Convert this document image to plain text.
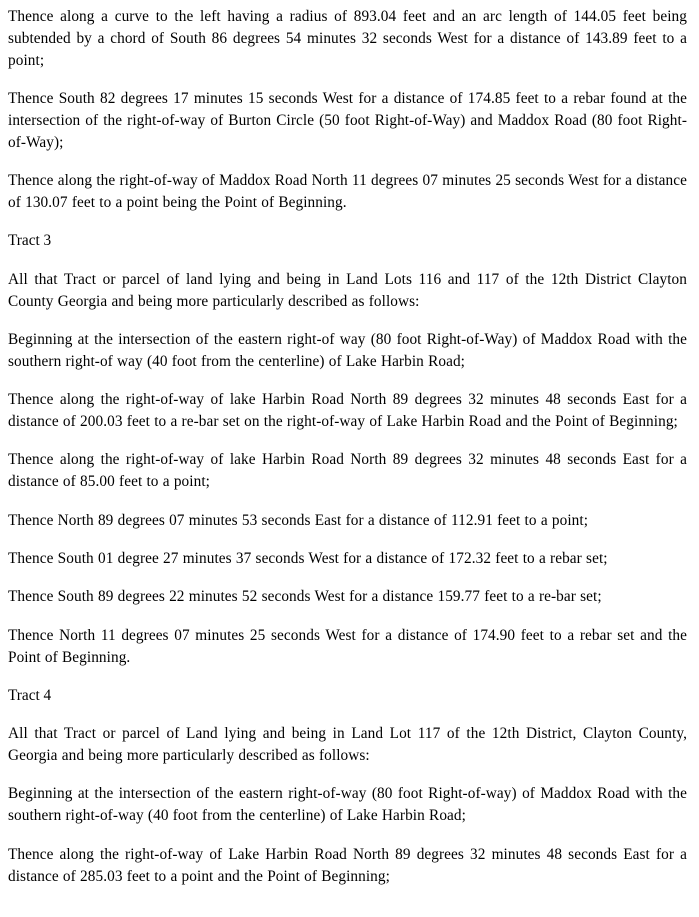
Thence along a curve to the left having a radius of 893.04 feet and an arc length of 144.05 feet being subtended by a chord of South 86 degrees 54 minutes 32 seconds West for a distance of 143.89 feet to a point;

Thence South 82 degrees 17 minutes 15 seconds West for a distance of 174.85 feet to a rebar found at the intersection of the right-of-way of Burton Circle (50 foot Right-of-Way) and Maddox Road (80 foot Right-of-Way);

Thence along the right-of-way of Maddox Road North 11 degrees 07 minutes 25 seconds West for a distance of 130.07 feet to a point being the Point of Beginning.

Tract 3

All that Tract or parcel of land lying and being in Land Lots 116 and 117 of the 12th District Clayton County Georgia and being more particularly described as follows:

Beginning at the intersection of the eastern right-of way (80 foot Right-of-Way) of Maddox Road with the southern right-of way (40 foot from the centerline) of Lake Harbin Road;

Thence along the right-of-way of lake Harbin Road North 89 degrees 32 minutes 48 seconds East for a distance of 200.03 feet to a re-bar set on the right-of-way of Lake Harbin Road and the Point of Beginning;

Thence along the right-of-way of lake Harbin Road North 89 degrees 32 minutes 48 seconds East for a distance of 85.00 feet to a point;

Thence North 89 degrees 07 minutes 53 seconds East for a distance of 112.91 feet to a point;

Thence South 01 degree 27 minutes 37 seconds West for a distance of 172.32 feet to a rebar set;

Thence South 89 degrees 22 minutes 52 seconds West for a distance 159.77 feet to a re-bar set;

Thence North 11 degrees 07 minutes 25 seconds West for a distance of 174.90 feet to a rebar set and the Point of Beginning.

Tract 4

All that Tract or parcel of Land lying and being in Land Lot 117 of the 12th District, Clayton County, Georgia and being more particularly described as follows:

Beginning at the intersection of the eastern right-of-way (80 foot Right-of-way) of Maddox Road with the southern right-of-way (40 foot from the centerline) of Lake Harbin Road;

Thence along the right-of-way of Lake Harbin Road North 89 degrees 32 minutes 48 seconds East for a distance of 285.03 feet to a point and the Point of Beginning;
